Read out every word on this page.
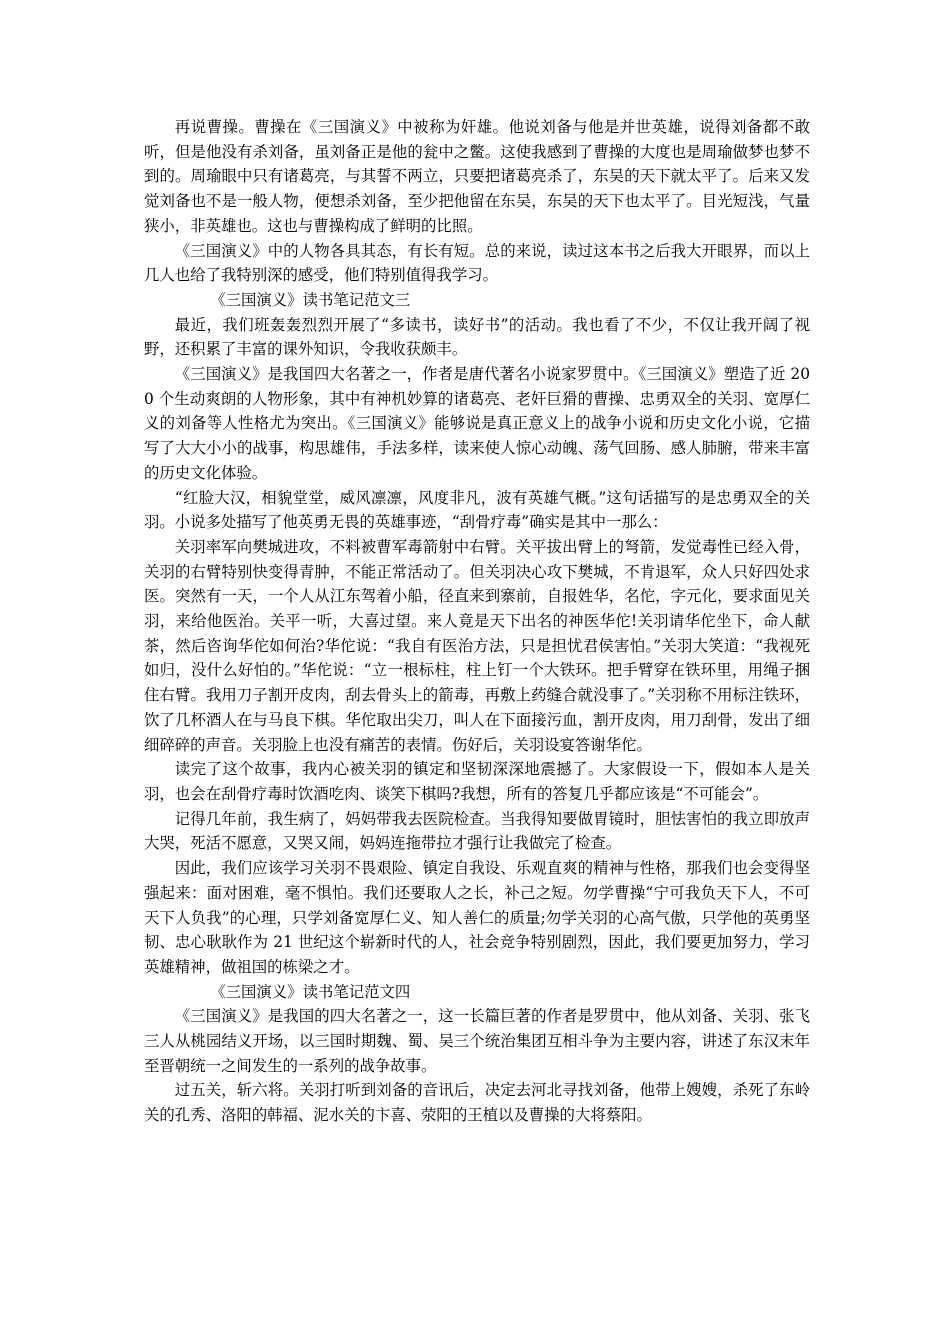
再说曹操。曹操在《三国演义》中被称为奸雄。他说刘备与他是并世英雄，说得刘备都不敢听，但是他没有杀刘备，虽刘备正是他的瓮中之鳖。这使我感到了曹操的大度也是周瑜做梦也梦不到的。周瑜眼中只有诸葛亮，与其誓不两立，只要把诸葛亮杀了，东吴的天下就太平了。后来又发觉刘备也不是一般人物，便想杀刘备，至少把他留在东吴，东吴的天下也太平了。目光短浅，气量狭小，非英雄也。这也与曹操构成了鲜明的比照。

《三国演义》中的人物各具其态，有长有短。总的来说，读过这本书之后我大开眼界，而以上几人也给了我特别深的感受，他们特别值得我学习。

《三国演义》读书笔记范文三

最近，我们班轰轰烈烈开展了“多读书，读好书”的活动。我也看了不少，不仅让我开阔了视野，还积累了丰富的课外知识，令我收获颇丰。

《三国演义》是我国四大名著之一，作者是唐代著名小说家罗贯中。《三国演义》塑造了近 200 个生动爽朗的人物形象，其中有神机妙算的诸葛亮、老奸巨猾的曹操、忠勇双全的关羽、宽厚仁义的刘备等人性格尤为突出。《三国演义》能够说是真正意义上的战争小说和历史文化小说，它描写了大大小小的战事，构思雄伟，手法多样，读来使人惊心动魄、荡气回肠、感人肺腑，带来丰富的历史文化体验。

“红脸大汉，相貌堂堂，威风凛凛，风度非凡，波有英雄气概。”这句话描写的是忠勇双全的关羽。小说多处描写了他英勇无畏的英雄事迹，“刮骨疗毒”确实是其中一那么：

关羽率军向樊城进攻，不料被曹军毒箭射中右臂。关平拔出臂上的弩箭，发觉毒性已经入骨，关羽的右臂特别快变得青肿，不能正常活动了。但关羽决心攻下樊城，不肯退军，众人只好四处求医。突然有一天，一个人从江东驾着小船，径直来到寨前，自报姓华，名佗，字元化，要求面见关羽，来给他医治。关平一听，大喜过望。来人竟是天下出名的神医华佗!关羽请华佗坐下，命人献茶，然后咨询华佗如何治?华佗说：“我自有医治方法，只是担忧君侯害怕。”关羽大笑道：“我视死如归，没什么好怕的。”华佗说：“立一根标柱，柱上钉一个大铁环。把手臂穿在铁环里，用绳子捆住右臂。我用刀子割开皮肉，刮去骨头上的箭毒，再敷上药缝合就没事了。”关羽称不用标注铁环，饮了几杯酒人在与马良下棋。华佗取出尖刀，叫人在下面接污血，割开皮肉，用刀刮骨，发出了细细碎碎的声音。关羽脸上也没有痛苦的表情。伤好后，关羽设宴答谢华佗。

读完了这个故事，我内心被关羽的镇定和坚韧深深地震撼了。大家假设一下，假如本人是关羽，也会在刮骨疗毒时饮酒吃肉、谈笑下棋吗?我想，所有的答复几乎都应该是“不可能会”。

记得几年前，我生病了，妈妈带我去医院检查。当我得知要做胃镜时，胆怯害怕的我立即放声大哭，死活不愿意，又哭又闹，妈妈连拖带拉才强行让我做完了检查。

因此，我们应该学习关羽不畏艰险、镇定自我设、乐观直爽的精神与性格，那我们也会变得坚强起来：面对困难，毫不惧怕。我们还要取人之长，补己之短。勿学曹操“宁可我负天下人，不可天下人负我”的心理，只学刘备宽厚仁义、知人善仁的质量;勿学关羽的心高气傲，只学他的英勇坚韧、忠心耿耿作为 21 世纪这个崭新时代的人，社会竞争特别剧烈，因此，我们要更加努力，学习英雄精神，做祖国的栋梁之才。

《三国演义》读书笔记范文四

《三国演义》是我国的四大名著之一，这一长篇巨著的作者是罗贯中，他从刘备、关羽、张飞三人从桃园结义开场，以三国时期魏、蜀、吴三个统治集团互相斗争为主要内容，讲述了东汉末年至晋朝统一之间发生的一系列的战争故事。

过五关，斩六将。关羽打听到刘备的音讯后，决定去河北寻找刘备，他带上嫂嫂，杀死了东岭关的孔秀、洛阳的韩福、泥水关的卞喜、荥阳的王植以及曹操的大将蔡阳。
